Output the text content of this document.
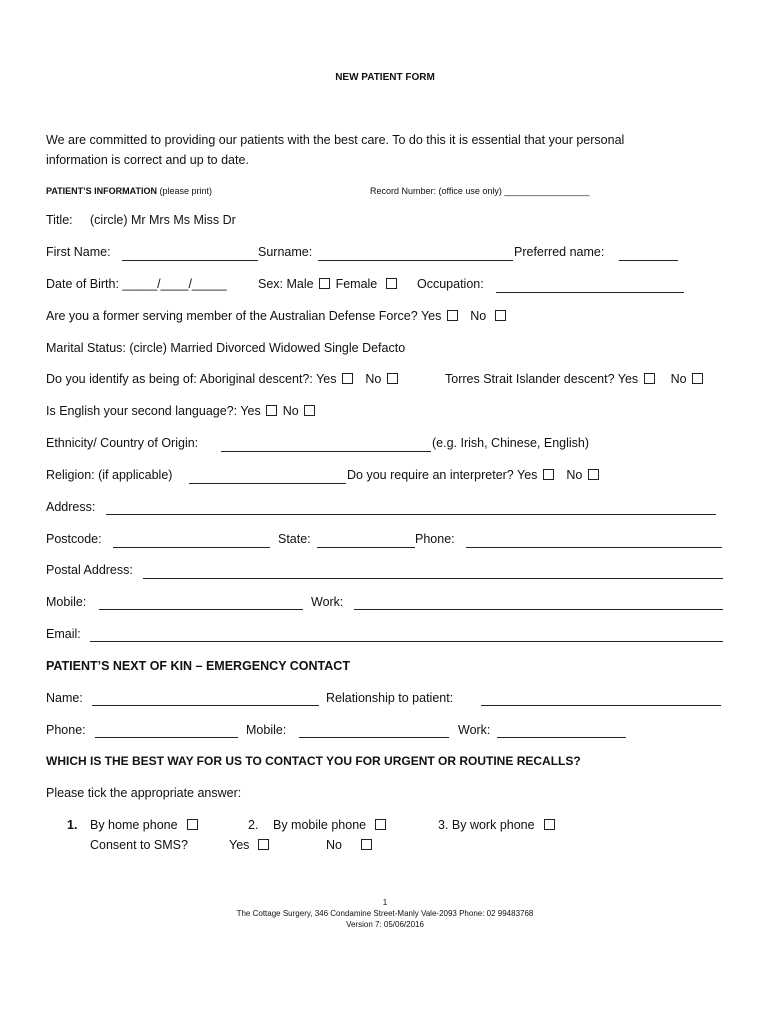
NEW PATIENT FORM
We are committed to providing our patients with the best care. To do this it is essential that your personal
information is correct and up to date.
PATIENT’S INFORMATION (please print)	Record Number: (office use only) _________________
Title: (circle) Mr Mrs Ms Miss Dr
First Name:	Surname:	Preferred name:
Date of Birth: _____/____/_____	Sex: Male Female	Occupation:
Are you a former serving member of the Australian Defense Force? Yes No
Marital Status: (circle) Married Divorced Widowed Single Defacto
Do you identify as being of: Aboriginal descent?: Yes No	Torres Strait Islander descent? Yes	No
Is English your second language?: Yes No
Ethnicity/ Country of Origin:	(e.g. Irish, Chinese, English)
Religion: (if applicable)	Do you require an interpreter? Yes No
Address:
Postcode:	State:	Phone:
Postal Address:
Mobile:	Work:
Email:
PATIENT’S NEXT OF KIN – EMERGENCY CONTACT
Name:	Relationship to patient:
Phone:	Mobile:	Work:
WHICH IS THE BEST WAY FOR US TO CONTACT YOU FOR URGENT OR ROUTINE RECALLS?
Please tick the appropriate answer:
1. By home phone	2. By mobile phone	3. By work phone
Consent to SMS?	Yes	No
1
The Cottage Surgery, 346 Condamine Street-Manly Vale-2093 Phone: 02 99483768
Version 7: 05/06/2016
